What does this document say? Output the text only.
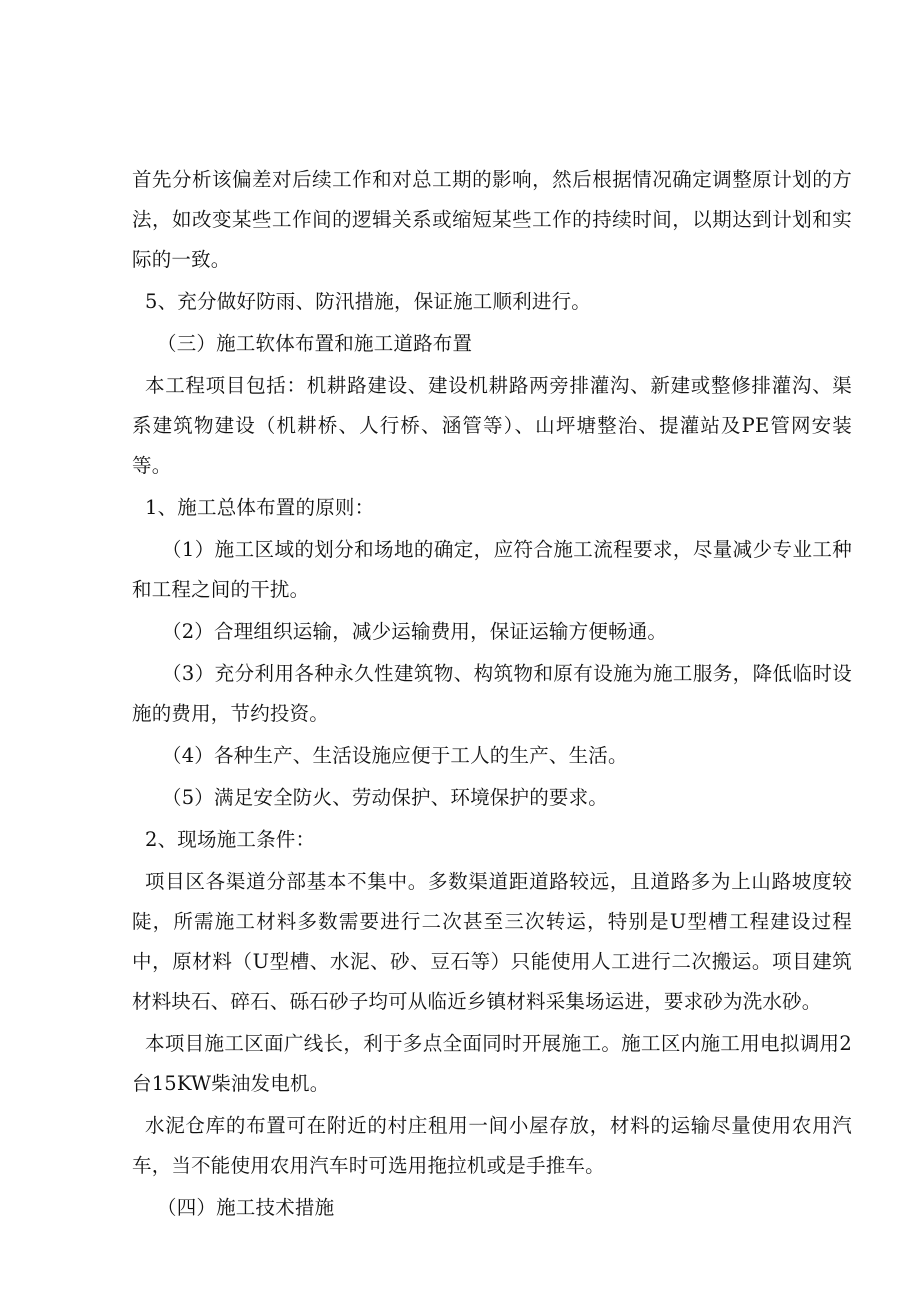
首先分析该偏差对后续工作和对总工期的影响，然后根据情况确定调整原计划的方法，如改变某些工作间的逻辑关系或缩短某些工作的持续时间，以期达到计划和实际的一致。

5、充分做好防雨、防汛措施，保证施工顺利进行。

（三）施工软体布置和施工道路布置

本工程项目包括：机耕路建设、建设机耕路两旁排灌沟、新建或整修排灌沟、渠系建筑物建设（机耕桥、人行桥、涵管等）、山坪塘整治、提灌站及PE管网安装等。

1、施工总体布置的原则：

（1）施工区域的划分和场地的确定，应符合施工流程要求，尽量减少专业工种和工程之间的干扰。

（2）合理组织运输，减少运输费用，保证运输方便畅通。

（3）充分利用各种永久性建筑物、构筑物和原有设施为施工服务，降低临时设施的费用，节约投资。

（4）各种生产、生活设施应便于工人的生产、生活。

（5）满足安全防火、劳动保护、环境保护的要求。

2、现场施工条件：

项目区各渠道分部基本不集中。多数渠道距道路较远，且道路多为上山路坡度较陡，所需施工材料多数需要进行二次甚至三次转运，特别是U型槽工程建设过程中，原材料（U型槽、水泥、砂、豆石等）只能使用人工进行二次搬运。项目建筑材料块石、碎石、砾石砂子均可从临近乡镇材料采集场运进，要求砂为洗水砂。

本项目施工区面广线长，利于多点全面同时开展施工。施工区内施工用电拟调用2台15KW柴油发电机。

水泥仓库的布置可在附近的村庄租用一间小屋存放，材料的运输尽量使用农用汽车，当不能使用农用汽车时可选用拖拉机或是手推车。

（四）施工技术措施
